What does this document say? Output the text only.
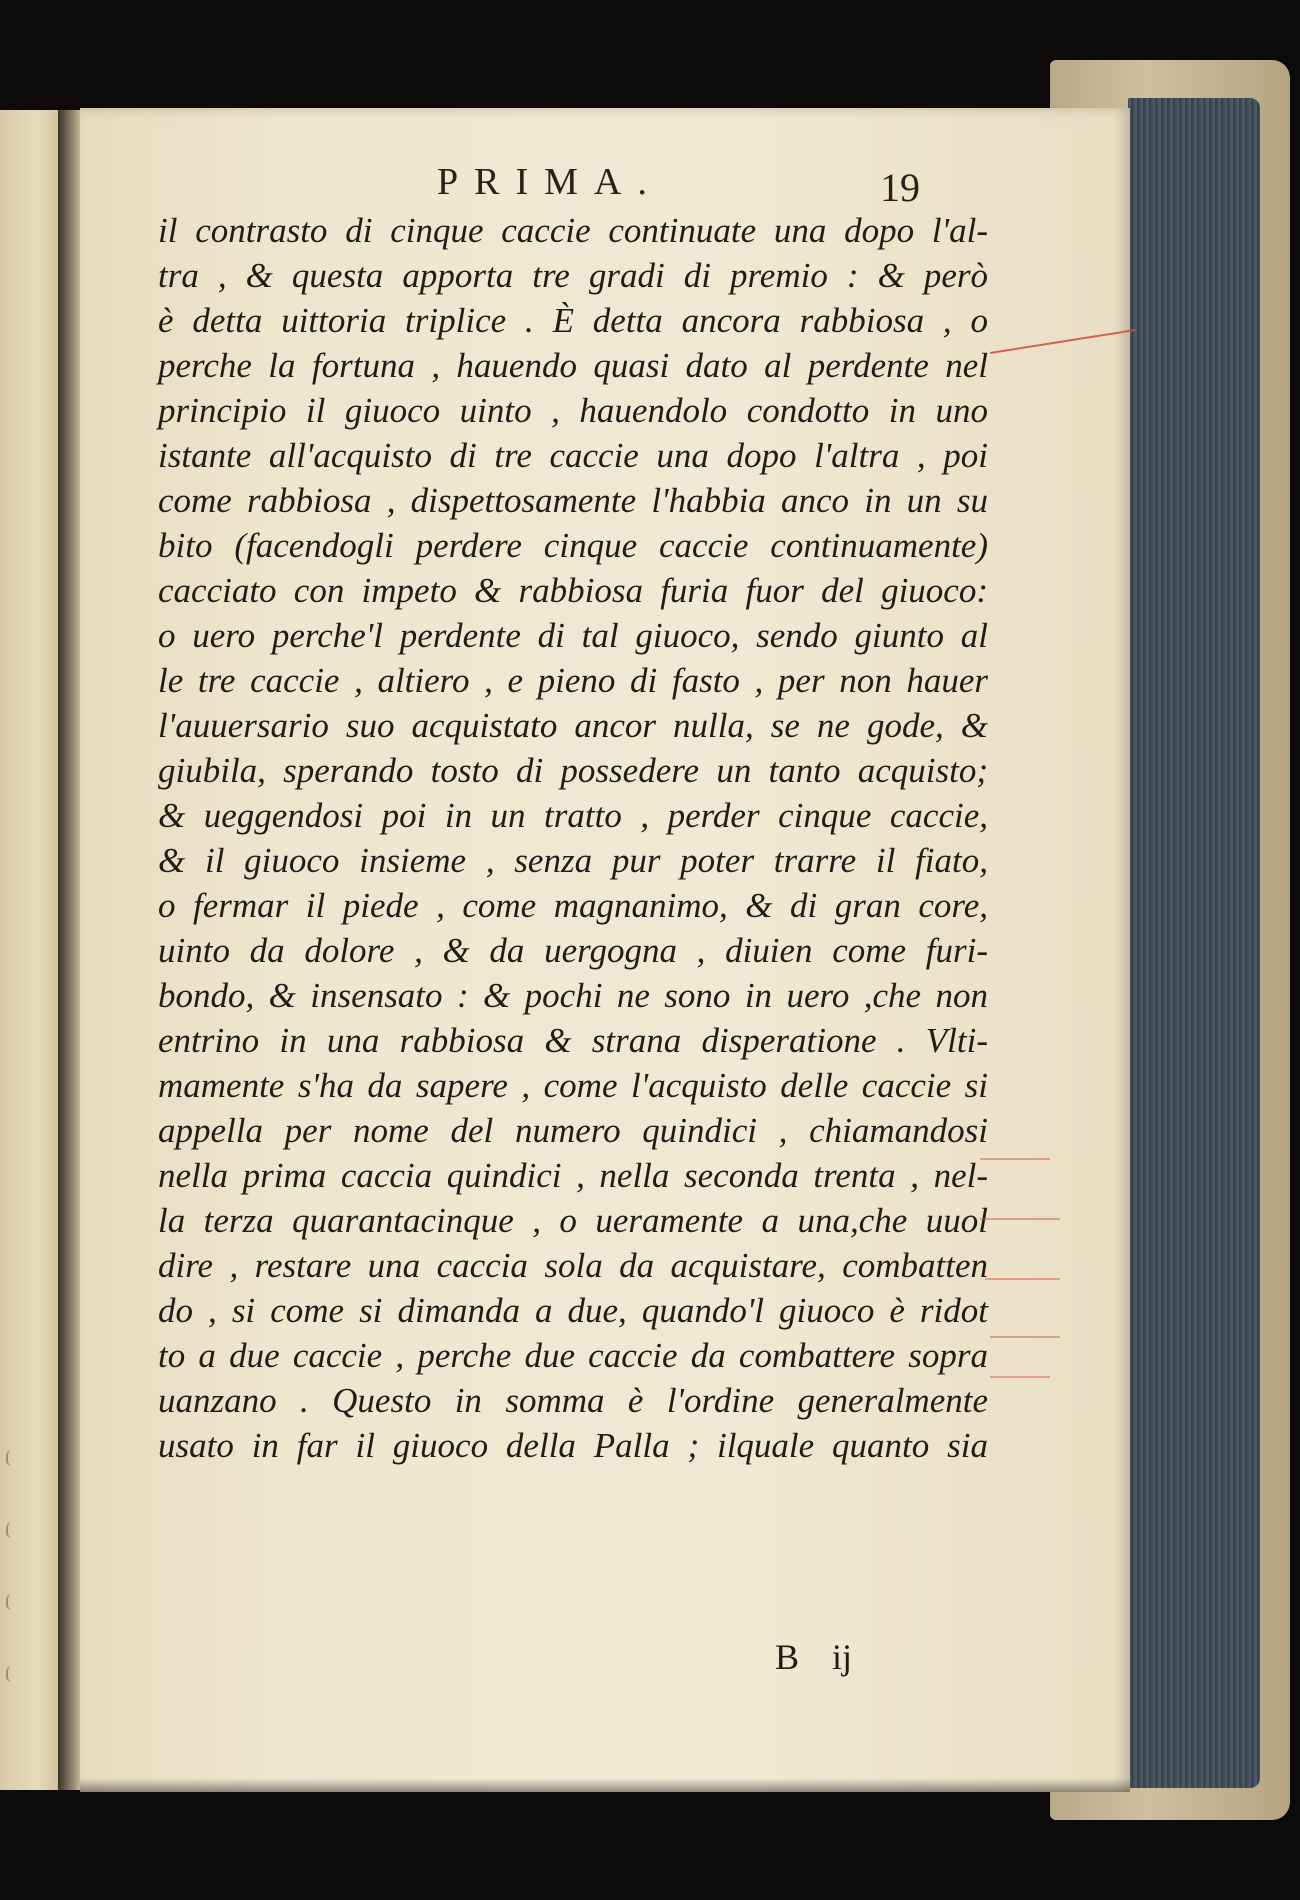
PRIMA.	19
il contrasto di cinque caccie continuate una dopo l'al-
tra , & questa apporta tre gradi di premio : & però
è detta uittoria triplice . È detta ancora rabbiosa , o
perche la fortuna , hauendo quasi dato al perdente nel
principio il giuoco uinto , hauendolo condotto in uno
istante all'acquisto di tre caccie una dopo l'altra , poi
come rabbiosa , dispettosamente l'habbia anco in un su
bito (facendogli perdere cinque caccie continuamente)
cacciato con impeto & rabbiosa furia fuor del giuoco:
o uero perche'l perdente di tal giuoco, sendo giunto al
le tre caccie , altiero , e pieno di fasto , per non hauer
l'auuersario suo acquistato ancor nulla, se ne gode, &
giubila, sperando tosto di possedere un tanto acquisto;
& ueggendosi poi in un tratto , perder cinque caccie,
& il giuoco insieme , senza pur poter trarre il fiato,
o fermar il piede , come magnanimo, & di gran core,
uinto da dolore , & da uergogna , diuien come furi-
bondo, & insensato : & pochi ne sono in uero ,che non
entrino in una rabbiosa & strana disperatione . Vlti-
mamente s'ha da sapere , come l'acquisto delle caccie si
appella per nome del numero quindici , chiamandosi
nella prima caccia quindici , nella seconda trenta , nel-
la terza quarantacinque , o ueramente a una,che uuol
dire , restare una caccia sola da acquistare, combatten
do , si come si dimanda a due, quando'l giuoco è ridot
to a due caccie , perche due caccie da combattere sopra
uanzano . Questo in somma è l'ordine generalmente
usato in far il giuoco della Palla ; ilquale quanto sia
B ij
